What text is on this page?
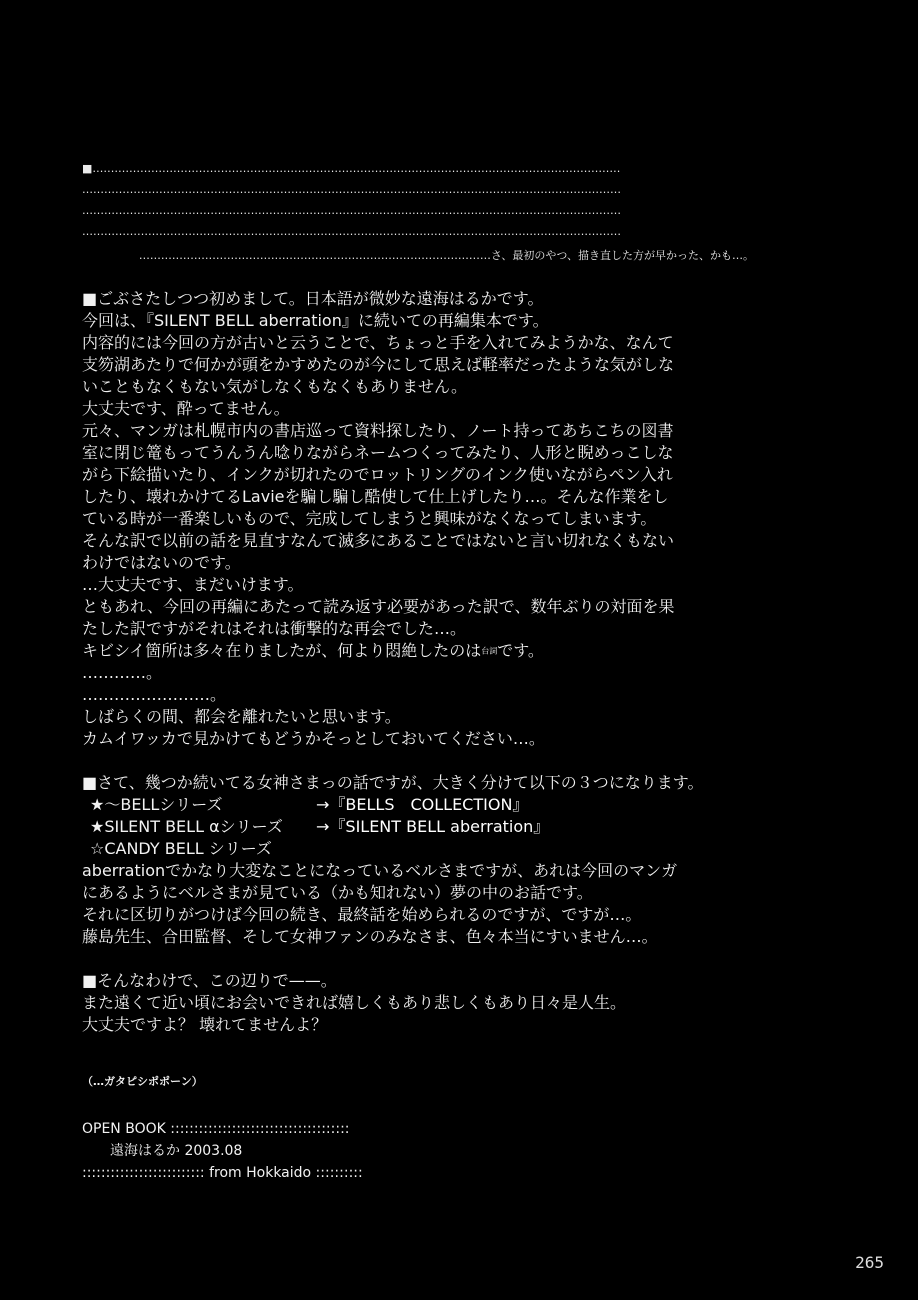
■………………………………………………………………………………………………………………………………
…………………………………………………………………………………………………………………………………
…………………………………………………………………………………………………………………………………
…………………………………………………………………………………………………………………………………
……………………………………………………………………………………さ、最初のやつ、描き直した方が早かった、かも…。
■ごぶさたしつつ初めまして。日本語が微妙な遠海はるかです。
今回は、『SILENT BELL aberration』に続いての再編集本です。
内容的には今回の方が古いと云うことで、ちょっと手を入れてみようかな、なんて
支笏湖あたりで何かが頭をかすめたのが今にして思えば軽率だったような気がしな
いこともなくもない気がしなくもなくもありません。
大丈夫です、酔ってません。
元々、マンガは札幌市内の書店巡って資料探したり、ノート持ってあちこちの図書
室に閉じ篭もってうんうん唸りながらネームつくってみたり、人形と睨めっこしな
がら下絵描いたり、インクが切れたのでロットリングのインク使いながらペン入れ
したり、壊れかけてるLavieを騙し騙し酷使して仕上げしたり…。そんな作業をし
ている時が一番楽しいもので、完成してしまうと興味がなくなってしまいます。
そんな訳で以前の話を見直すなんて滅多にあることではないと言い切れなくもない
わけではないのです。
…大丈夫です、まだいけます。
ともあれ、今回の再編にあたって読み返す必要があった訳で、数年ぶりの対面を果
たした訳ですがそれはそれは衝撃的な再会でした…。
キビシイ箇所は多々在りましたが、何より悶絶したのは台詞です。
…………。
……………………。
しばらくの間、都会を離れたいと思います。
カムイワッカで見かけてもどうかそっとしておいてください…。
■さて、幾つか続いてる女神さまっの話ですが、大きく分けて以下の３つになります。
★～BELLシリーズ	→『BELLS　COLLECTION』
★SILENT BELL αシリーズ →『SILENT BELL aberration』
☆CANDY BELL シリーズ
aberrationでかなり大変なことになっているベルさまですが、あれは今回のマンガ
にあるようにベルさまが見ている（かも知れない）夢の中のお話です。
それに区切りがつけば今回の続き、最終話を始められるのですが、ですが…。
藤島先生、合田監督、そして女神ファンのみなさま、色々本当にすいません…。
■そんなわけで、この辺りで——。
また遠くて近い頃にお会いできれば嬉しくもあり悲しくもあり日々是人生。
大丈夫ですよ？ 壊れてませんよ？
（…ガタピシポポーン）
OPEN BOOK ::::::::::::::::::::::::::::::::::::::
遠海はるか 2003.08
:::::::::::::::::::::::::: from Hokkaido ::::::::::
265
